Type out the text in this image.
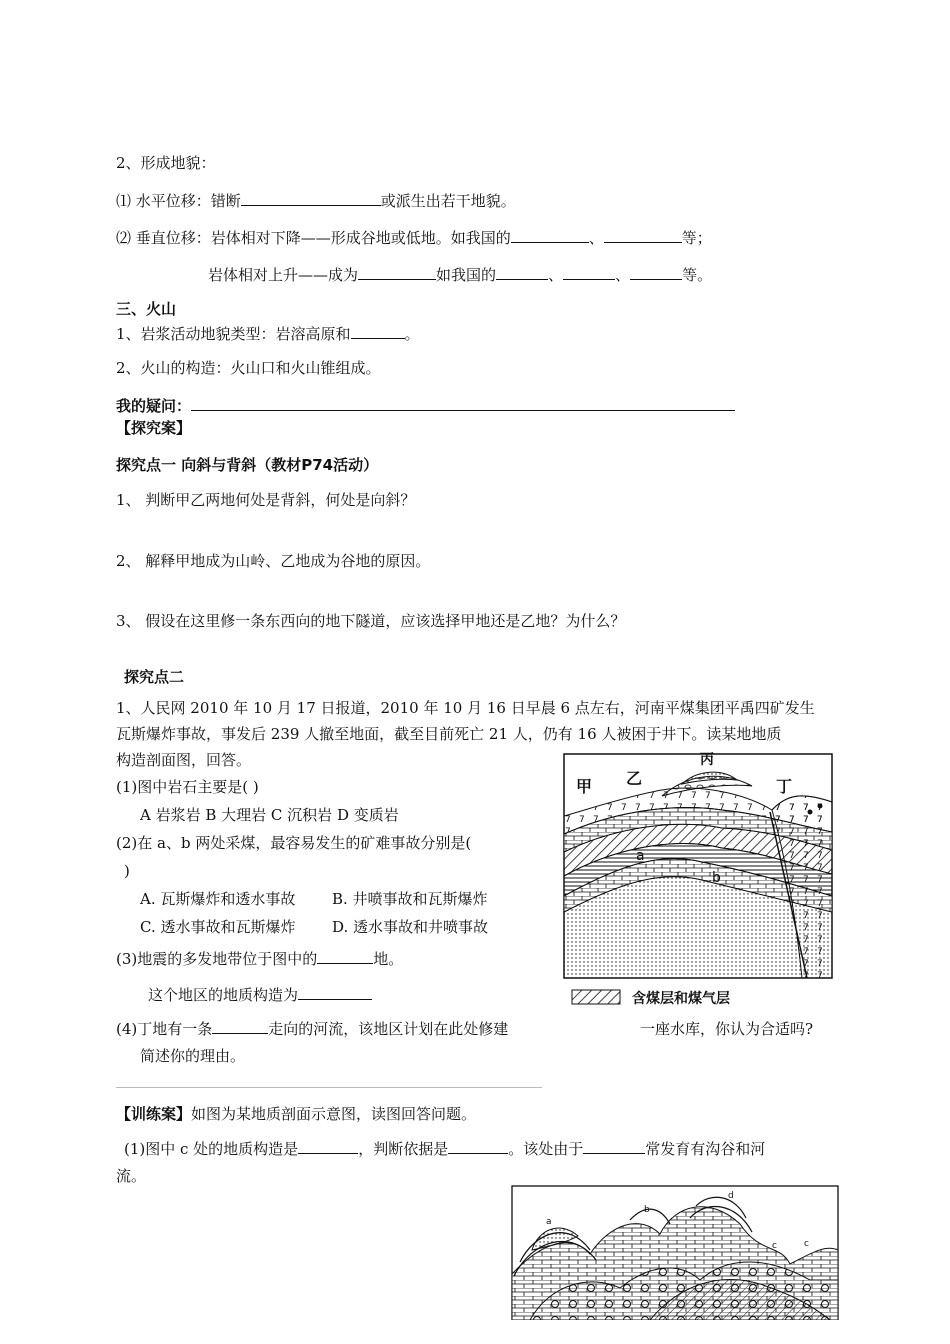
2、形成地貌：
⑴ 水平位移：错断	或派生出若干地貌。
⑵ 垂直位移：岩体相对下降——形成谷地或低地。如我国的	、	等；
岩体相对上升——成为	如我国的	、	、	等。
三、火山
1、岩浆活动地貌类型：岩溶高原和	。
2、火山的构造：火山口和火山锥组成。
我的疑问：
【探究案】
探究点一 向斜与背斜（教材P74活动）
1、 判断甲乙两地何处是背斜，何处是向斜？
2、 解释甲地成为山岭、乙地成为谷地的原因。
3、 假设在这里修一条东西向的地下隧道，应该选择甲地还是乙地？为什么？
探究点二
1、人民网 2010 年 10 月 17 日报道，2010 年 10 月 16 日早晨 6 点左右，河南平煤集团平禹四矿发生
瓦斯爆炸事故，事发后 239 人撤至地面，截至目前死亡 21 人，仍有 16 人被困于井下。读某地地质
构造剖面图，回答。
(1)图中岩石主要是( )
A 岩浆岩 B 大理岩 C 沉积岩 D 变质岩
(2)在 a、b 两处采煤，最容易发生的矿难事故分别是(
)
A. 瓦斯爆炸和透水事故 B. 井喷事故和瓦斯爆炸
C. 透水事故和瓦斯爆炸 D. 透水事故和井喷事故
(3)地震的多发地带位于图中的	地。
这个地区的地质构造为
(4)丁地有一条	走向的河流，该地区计划在此处修建	一座水库，你认为合适吗?
简述你的理由。
【训练案】如图为某地质剖面示意图，读图回答问题。
(1)图中 c 处的地质构造是	，判断依据是	。该处由于	常发育有沟谷和河
流。
甲 乙
丙
丁
a
b
含煤层和煤气层
a
b
d
c	c
